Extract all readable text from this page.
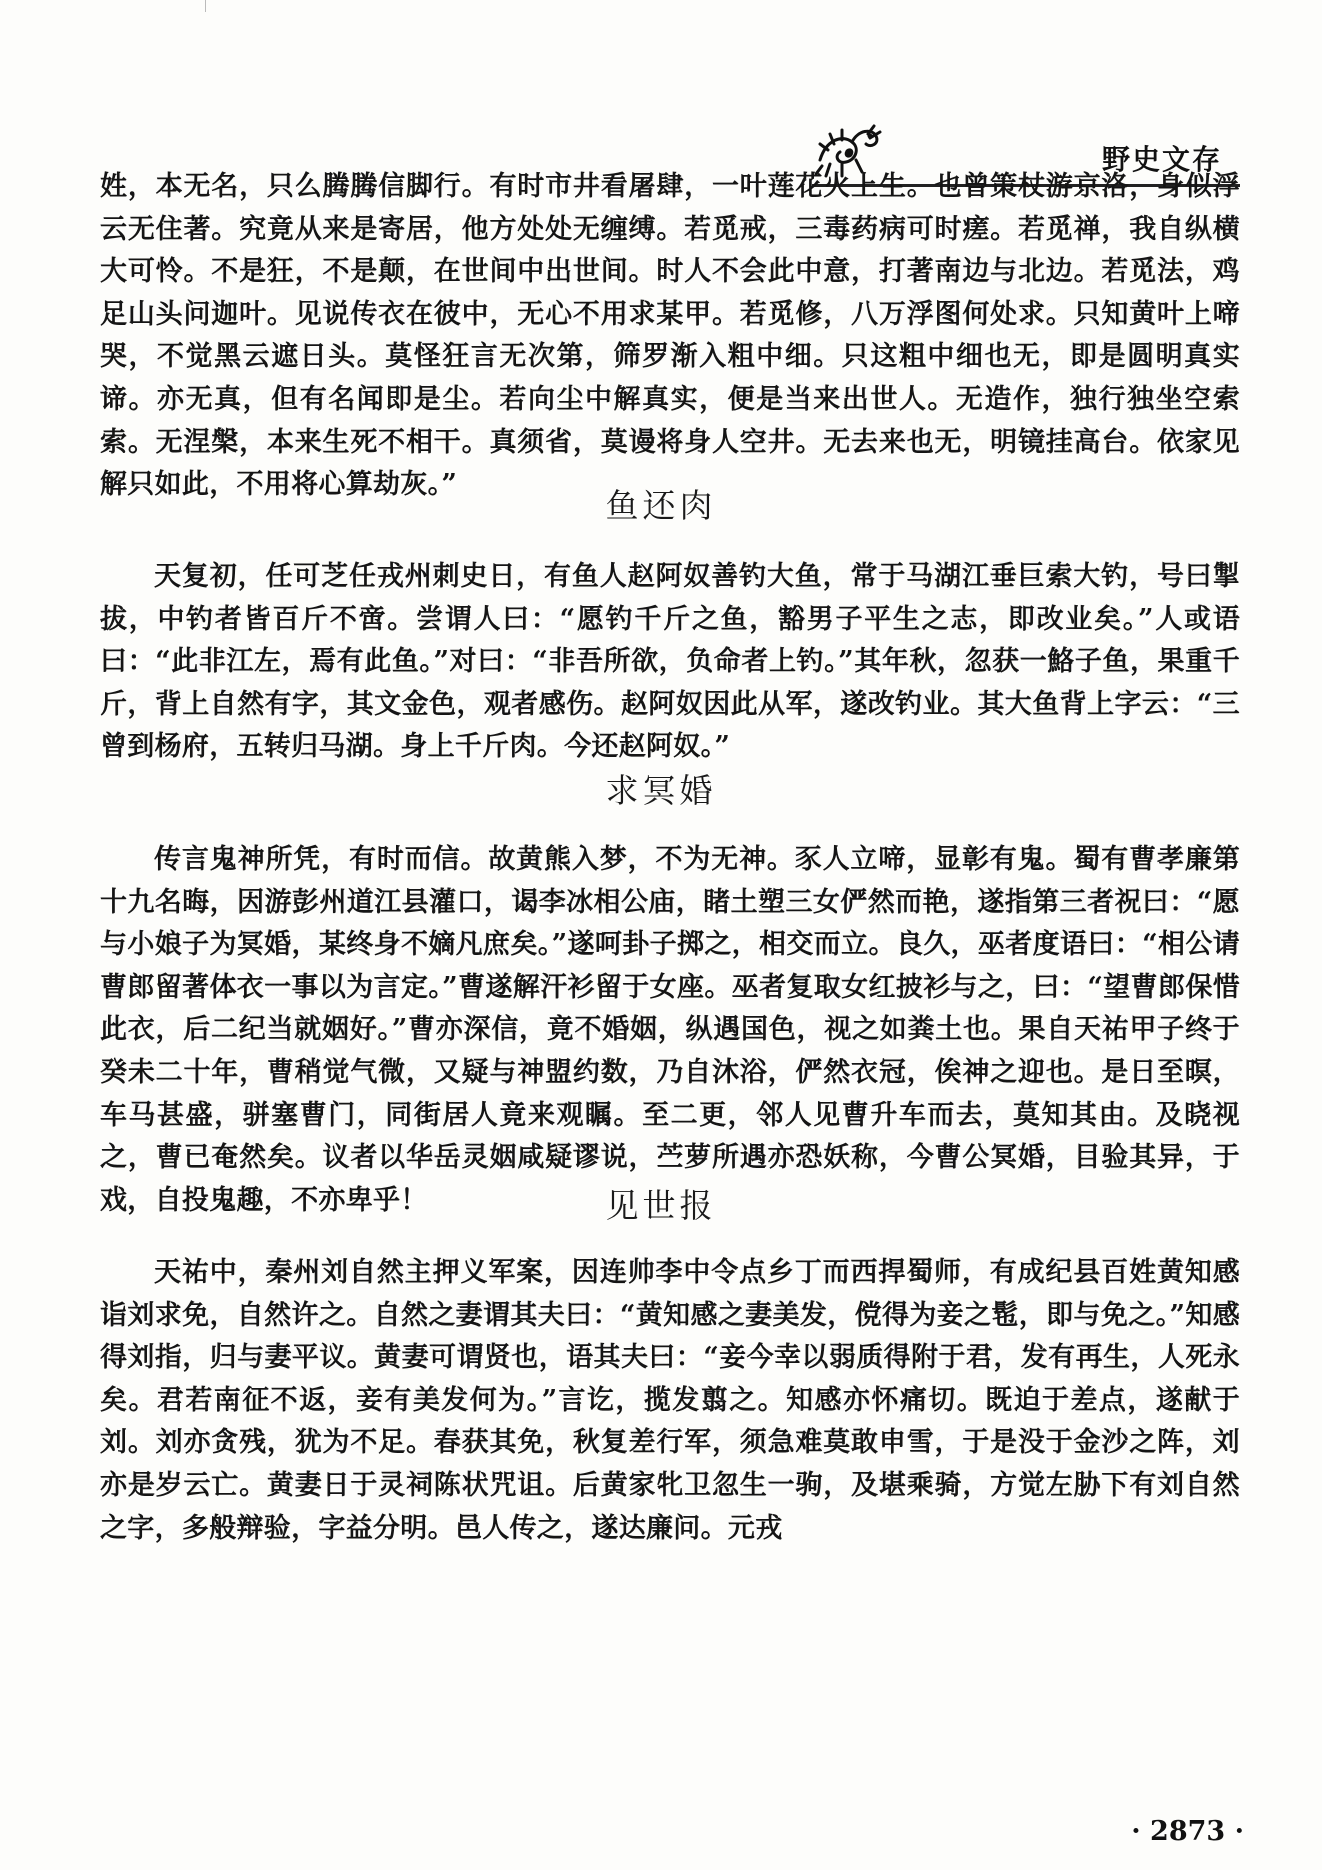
野史文存

姓，本无名，只么腾腾信脚行。有时市井看屠肆，一叶莲花火上生。也曾策杖游京洛，身似浮云无住著。究竟从来是寄居，他方处处无缠缚。若觅戒，三毒药病可时瘥。若觅禅，我自纵横大可怜。不是狂，不是颠，在世间中出世间。时人不会此中意，打著南边与北边。若觅法，鸡足山头问迦叶。见说传衣在彼中，无心不用求某甲。若觅修，八万浮图何处求。只知黄叶上啼哭，不觉黑云遮日头。莫怪狂言无次第，筛罗渐入粗中细。只这粗中细也无，即是圆明真实谛。亦无真，但有名闻即是尘。若向尘中解真实，便是当来出世人。无造作，独行独坐空索索。无涅槃，本来生死不相干。真须省，莫谩将身人空井。无去来也无，明镜挂高台。依家见解只如此，不用将心算劫灰。”

鱼还肉

天复初，任可芝任戎州刺史日，有鱼人赵阿奴善钓大鱼，常于马湖江垂巨索大钓，号曰掣拔，中钓者皆百斤不啻。尝谓人曰：“愿钓千斤之鱼，豁男子平生之志，即改业矣。”人或语曰：“此非江左，焉有此鱼。”对曰：“非吾所欲，负命者上钓。”其年秋，忽获一鮥子鱼，果重千斤，背上自然有字，其文金色，观者感伤。赵阿奴因此从军，遂改钓业。其大鱼背上字云：“三曾到杨府，五转归马湖。身上千斤肉。今还赵阿奴。”

求冥婚

传言鬼神所凭，有时而信。故黄熊入梦，不为无神。豕人立啼，显彰有鬼。蜀有曹孝廉第十九名晦，因游彭州道江县灌口，谒李冰相公庙，睹土塑三女俨然而艳，遂指第三者祝曰：“愿与小娘子为冥婚，某终身不嫡凡庶矣。”遂呵卦子掷之，相交而立。良久，巫者度语曰：“相公请曹郎留著体衣一事以为言定。”曹遂解汗衫留于女座。巫者复取女红披衫与之，曰：“望曹郎保惜此衣，后二纪当就姻好。”曹亦深信，竟不婚姻，纵遇国色，视之如粪土也。果自天祐甲子终于癸未二十年，曹稍觉气微，又疑与神盟约数，乃自沐浴，俨然衣冠，俟神之迎也。是日至暝，车马甚盛，骈塞曹门，同街居人竟来观瞩。至二更，邻人见曹升车而去，莫知其由。及晓视之，曹已奄然矣。议者以华岳灵姻咸疑谬说，苎萝所遇亦恐妖称，今曹公冥婚，目验其异，于戏，自投鬼趣，不亦卑乎！	见世报

天祐中，秦州刘自然主押义军案，因连帅李中令点乡丁而西捍蜀师，有成纪县百姓黄知感诣刘求免，自然许之。自然之妻谓其夫曰：“黄知感之妻美发，傥得为妾之髢，即与免之。”知感得刘指，归与妻平议。黄妻可谓贤也，语其夫曰：“妾今幸以弱质得附于君，发有再生，人死永矣。君若南征不返，妾有美发何为。”言讫，揽发翦之。知感亦怀痛切。既迫于差点，遂献于刘。刘亦贪残，犹为不足。春获其免，秋复差行军，须急难莫敢申雪，于是没于金沙之阵，刘亦是岁云亡。黄妻日于灵祠陈状咒诅。后黄家牝卫忽生一驹，及堪乘骑，方觉左胁下有刘自然之字，多般辩验，字益分明。邑人传之，遂达廉问。元戎

· 2873 ·
